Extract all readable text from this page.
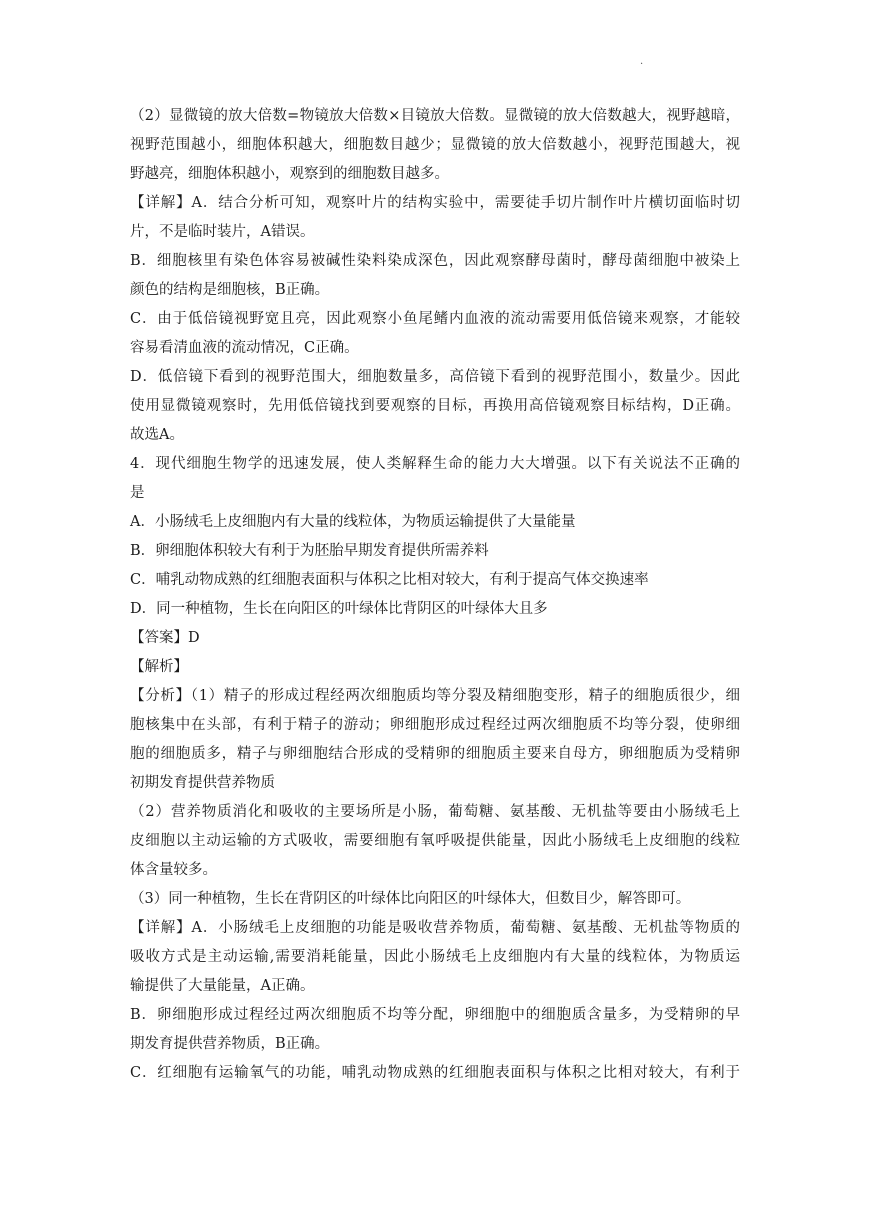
.
（2）显微镜的放大倍数=物镜放大倍数×目镜放大倍数。显微镜的放大倍数越大，视野越暗，
视野范围越小，细胞体积越大，细胞数目越少；显微镜的放大倍数越小，视野范围越大，视
野越亮，细胞体积越小，观察到的细胞数目越多。
【详解】A．结合分析可知，观察叶片的结构实验中，需要徒手切片制作叶片横切面临时切
片，不是临时装片，A错误。
B．细胞核里有染色体容易被碱性染料染成深色，因此观察酵母菌时，酵母菌细胞中被染上
颜色的结构是细胞核，B正确。
C．由于低倍镜视野宽且亮，因此观察小鱼尾鳍内血液的流动需要用低倍镜来观察，才能较
容易看清血液的流动情况，C正确。
D．低倍镜下看到的视野范围大，细胞数量多，高倍镜下看到的视野范围小，数量少。因此
使用显微镜观察时，先用低倍镜找到要观察的目标，再换用高倍镜观察目标结构，D正确。
故选A。
4．现代细胞生物学的迅速发展，使人类解释生命的能力大大增强。以下有关说法不正确的
是
A．小肠绒毛上皮细胞内有大量的线粒体，为物质运输提供了大量能量
B．卵细胞体积较大有利于为胚胎早期发育提供所需养料
C．哺乳动物成熟的红细胞表面积与体积之比相对较大，有利于提高气体交换速率
D．同一种植物，生长在向阳区的叶绿体比背阴区的叶绿体大且多
【答案】D
【解析】
【分析】（1）精子的形成过程经两次细胞质均等分裂及精细胞变形，精子的细胞质很少，细
胞核集中在头部，有利于精子的游动；卵细胞形成过程经过两次细胞质不均等分裂，使卵细
胞的细胞质多，精子与卵细胞结合形成的受精卵的细胞质主要来自母方，卵细胞质为受精卵
初期发育提供营养物质
（2）营养物质消化和吸收的主要场所是小肠，葡萄糖、氨基酸、无机盐等要由小肠绒毛上
皮细胞以主动运输的方式吸收，需要细胞有氧呼吸提供能量，因此小肠绒毛上皮细胞的线粒
体含量较多。
（3）同一种植物，生长在背阴区的叶绿体比向阳区的叶绿体大，但数目少，解答即可。
【详解】A．小肠绒毛上皮细胞的功能是吸收营养物质，葡萄糖、氨基酸、无机盐等物质的
吸收方式是主动运输,需要消耗能量，因此小肠绒毛上皮细胞内有大量的线粒体，为物质运
输提供了大量能量，A正确。
B．卵细胞形成过程经过两次细胞质不均等分配，卵细胞中的细胞质含量多，为受精卵的早
期发育提供营养物质，B正确。
C．红细胞有运输氧气的功能，哺乳动物成熟的红细胞表面积与体积之比相对较大，有利于
